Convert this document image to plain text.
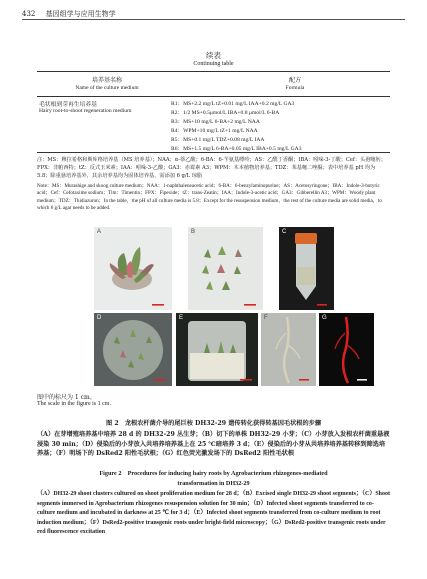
432 基因组学与应用生物学
续表
Continuing table
培养基名称
Name of the culture medium
配方
Formula
毛状根到芽再生培养基
Hairy root-to-shoot regeneration medium
R1：MS+2.2 mg/L tZ+0.01 mg/L IAA+0.2 mg/L GA3
R2：1/2 MS+0.5μmol/L IBA+0.8 μmol/L 6-BA
R3：MS+10 mg/L 6-BA+2 mg/L NAA
R4：WPM+10 mg/L tZ+1 mg/L NAA
R5：MS+0.1 mg/L TDZ+0.08 mg/L IAA
R6：MS+1.5 mg/L 6-BA+0.05 mg/L IBA+0.5 mg/L GA3
注：MS：穆拉希格和斯库格培养基（MS 培养基）；NAA：α-萘乙酸；6-BA：6-苄氨基嘌呤；AS：乙酰丁香酮；IBA：吲哚-3-丁酸；Cef：头孢噻肟；FPX：非帕西特；tZ：反式玉米素；IAA：吲哚-3-乙酸；GA3：赤霉素 A3；WPM：木本植物培养基；TDZ：苯基噻二唑脲；表中培养基 pH 均为 5.8；除重悬培养基外，其余培养基均为固体培养基，需添加 6 g/L 琼脂
Note：MS：Murashige and skoog culture medium；NAA：1-naphthaleneacetic acid；6-BA：6-benzylaminopurine；AS：Acetosyringone；IBA：Indole-3-butyric acid；Cef：Cefotaxime sodium；Tim：Timentin；FPX：Fipexide；tZ：trans-Zeatin；IAA：Indole-3-acetic acid；GA3：Gibberellin A3；WPM：Woody plant medium；TDZ：Thidiazuron；In the table，the pH of all culture media is 5.8；Except for the resuspension medium，the rest of the culture media are solid media，to which 6 g/L agar needs to be added.
A	B	C
D	E	F	G
图中的标尺为 1 cm。
The scale in the figure is 1 cm.
图 2　龙根农杆菌介导的尾巨桉 DH32-29 遗传转化获得转基因毛状根的步骤
（A）在芽增殖培养基中培养 28 d 的 DH32-29 丛生芽；（B）切下的单株 DH32-29 小芽；（C）小芽放入发根农杆菌重悬液浸染 30 min；（D）侵染后的小芽放入共培养培养基上在 25 ℃暗培养 3 d；（E）侵染后的小芽从共培养培养基转移到筛选培养基；（F）明场下的 DsRed2 阳性毛状根；（G）红色荧光激发场下的 DsRed2 阳性毛状根
Figure 2　Procedures for inducing hairy roots by Agrobacterium rhizogenes-mediated
transformation in DH32-29
（A）DH32-29 shoot clusters cultured on shoot proliferation medium for 28 d；（B）Excised single DH32-29 shoot segments；（C）Shoot segments immersed in Agrobacterium rhizogenes resuspension solution for 30 min；（D）Infected shoot segments transferred to co-culture medium and incubated in darkness at 25 ℃ for 3 d；（E）Infected shoot segments transferred from co-culture medium to root induction medium；（F）DsRed2-positive transgenic roots under bright-field microscopy；（G）DsRed2-positive transgenic roots under red fluorescence excitation
